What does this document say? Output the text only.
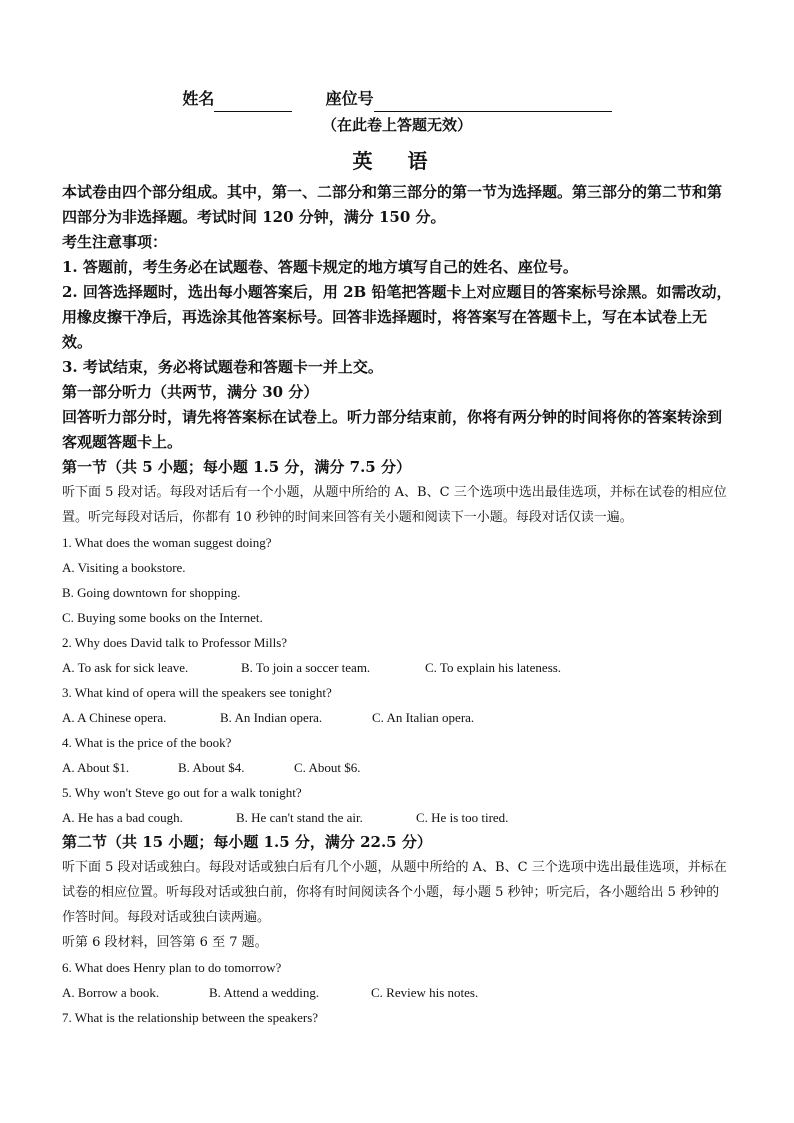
姓名	座位号
（在此卷上答题无效）
英 语
本试卷由四个部分组成。其中，第一、二部分和第三部分的第一节为选择题。第三部分的第二节和第四部分为非选择题。考试时间 120 分钟，满分 150 分。
考生注意事项：
1. 答题前，考生务必在试题卷、答题卡规定的地方填写自己的姓名、座位号。
2. 回答选择题时，选出每小题答案后，用 2B 铅笔把答题卡上对应题目的答案标号涂黑。如需改动，用橡皮擦干净后，再选涂其他答案标号。回答非选择题时，将答案写在答题卡上，写在本试卷上无效。
3. 考试结束，务必将试题卷和答题卡一并上交。
第一部分听力（共两节，满分 30 分）
回答听力部分时，请先将答案标在试卷上。听力部分结束前，你将有两分钟的时间将你的答案转涂到客观题答题卡上。
第一节（共 5 小题；每小题 1.5 分，满分 7.5 分）
听下面 5 段对话。每段对话后有一个小题，从题中所给的 A、B、C 三个选项中选出最佳选项，并标在试卷的相应位置。听完每段对话后，你都有 10 秒钟的时间来回答有关小题和阅读下一小题。每段对话仅读一遍。
1. What does the woman suggest doing?
A. Visiting a bookstore.
B. Going downtown for shopping.
C. Buying some books on the Internet.
2. Why does David talk to Professor Mills?
A. To ask for sick leave.	B. To join a soccer team.	C. To explain his lateness.
3. What kind of opera will the speakers see tonight?
A. A Chinese opera.	B. An Indian opera.	C. An Italian opera.
4. What is the price of the book?
A. About $1.	B. About $4.	C. About $6.
5. Why won't Steve go out for a walk tonight?
A. He has a bad cough.	B. He can't stand the air.	C. He is too tired.
第二节（共 15 小题；每小题 1.5 分，满分 22.5 分）
听下面 5 段对话或独白。每段对话或独白后有几个小题，从题中所给的 A、B、C 三个选项中选出最佳选项，并标在试卷的相应位置。听每段对话或独白前，你将有时间阅读各个小题，每小题 5 秒钟；听完后，各小题给出 5 秒钟的作答时间。每段对话或独白读两遍。
听第 6 段材料，回答第 6 至 7 题。
6. What does Henry plan to do tomorrow?
A. Borrow a book.	B. Attend a wedding.	C. Review his notes.
7. What is the relationship between the speakers?
